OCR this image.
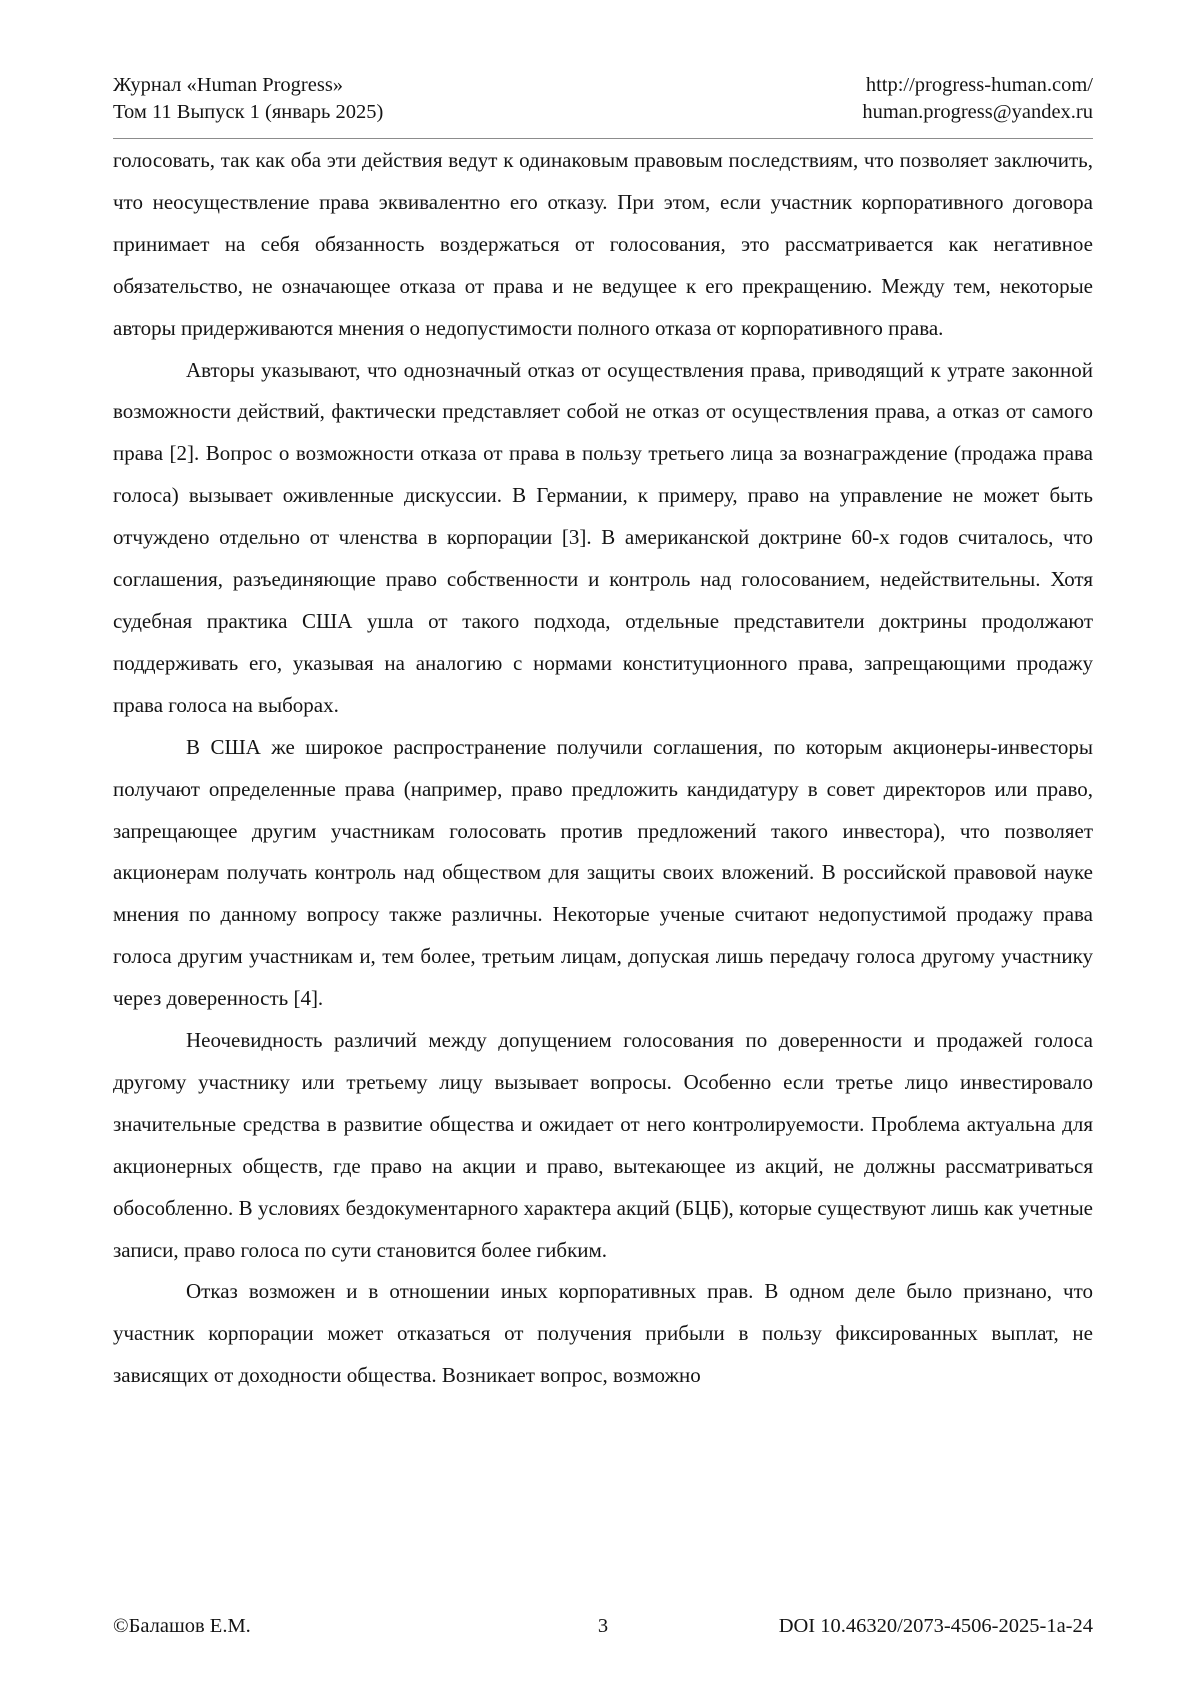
Журнал «Human Progress»
Том 11 Выпуск 1 (январь 2025)
http://progress-human.com/
human.progress@yandex.ru

голосовать, так как оба эти действия ведут к одинаковым правовым последствиям, что позволяет заключить, что неосуществление права эквивалентно его отказу. При этом, если участник корпоративного договора принимает на себя обязанность воздержаться от голосования, это рассматривается как негативное обязательство, не означающее отказа от права и не ведущее к его прекращению. Между тем, некоторые авторы придерживаются мнения о недопустимости полного отказа от корпоративного права.

Авторы указывают, что однозначный отказ от осуществления права, приводящий к утрате законной возможности действий, фактически представляет собой не отказ от осуществления права, а отказ от самого права [2]. Вопрос о возможности отказа от права в пользу третьего лица за вознаграждение (продажа права голоса) вызывает оживленные дискуссии. В Германии, к примеру, право на управление не может быть отчуждено отдельно от членства в корпорации [3]. В американской доктрине 60-х годов считалось, что соглашения, разъединяющие право собственности и контроль над голосованием, недействительны. Хотя судебная практика США ушла от такого подхода, отдельные представители доктрины продолжают поддерживать его, указывая на аналогию с нормами конституционного права, запрещающими продажу права голоса на выборах.

В США же широкое распространение получили соглашения, по которым акционеры-инвесторы получают определенные права (например, право предложить кандидатуру в совет директоров или право, запрещающее другим участникам голосовать против предложений такого инвестора), что позволяет акционерам получать контроль над обществом для защиты своих вложений. В российской правовой науке мнения по данному вопросу также различны. Некоторые ученые считают недопустимой продажу права голоса другим участникам и, тем более, третьим лицам, допуская лишь передачу голоса другому участнику через доверенность [4].

Неочевидность различий между допущением голосования по доверенности и продажей голоса другому участнику или третьему лицу вызывает вопросы. Особенно если третье лицо инвестировало значительные средства в развитие общества и ожидает от него контролируемости. Проблема актуальна для акционерных обществ, где право на акции и право, вытекающее из акций, не должны рассматриваться обособленно. В условиях бездокументарного характера акций (БЦБ), которые существуют лишь как учетные записи, право голоса по сути становится более гибким.

Отказ возможен и в отношении иных корпоративных прав. В одном деле было признано, что участник корпорации может отказаться от получения прибыли в пользу фиксированных выплат, не зависящих от доходности общества. Возникает вопрос, возможно

©Балашов Е.М.	3	DOI 10.46320/2073-4506-2025-1а-24
